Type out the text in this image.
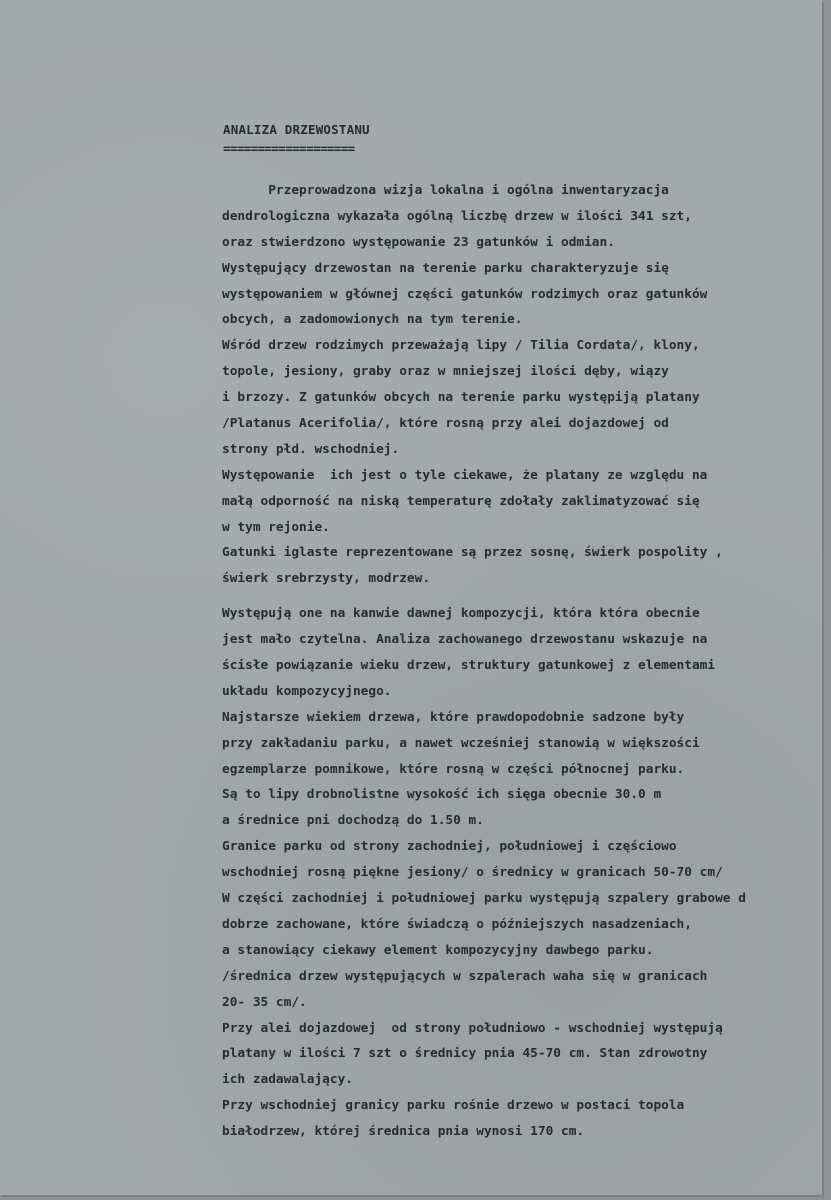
ANALIZA DRZEWOSTANU
===================
Przeprowadzona wizja lokalna i ogólna inwentaryzacja
dendrologiczna wykazała ogólną liczbę drzew w ilości 341 szt,
oraz stwierdzono występowanie 23 gatunków i odmian.
Występujący drzewostan na terenie parku charakteryzuje się
występowaniem w głównej części gatunków rodzimych oraz gatunków
obcych, a zadomowionych na tym terenie.
Wśród drzew rodzimych przeważają lipy / Tilia Cordata/, klony,
topole, jesiony, graby oraz w mniejszej ilości dęby, wiązy
i brzozy. Z gatunków obcych na terenie parku występiją platany
/Platanus Acerifolia/, które rosną przy alei dojazdowej od
strony płd. wschodniej.
Występowanie  ich jest o tyle ciekawe, że platany ze względu na
małą odporność na niską temperaturę zdołały zaklimatyzować się
w tym rejonie.
Gatunki iglaste reprezentowane są przez sosnę, świerk pospolity ,
świerk srebrzysty, modrzew.
Występują one na kanwie dawnej kompozycji, która która obecnie
jest mało czytelna. Analiza zachowanego drzewostanu wskazuje na
ścisłe powiązanie wieku drzew, struktury gatunkowej z elementami
układu kompozycyjnego.
Najstarsze wiekiem drzewa, które prawdopodobnie sadzone były
przy zakładaniu parku, a nawet wcześniej stanowią w większości
egzemplarze pomnikowe, które rosną w części północnej parku.
Są to lipy drobnolistne wysokość ich sięga obecnie 30.0 m
a średnice pni dochodzą do 1.50 m.
Granice parku od strony zachodniej, południowej i częściowo
wschodniej rosną piękne jesiony/ o średnicy w granicach 50-70 cm/
W części zachodniej i południowej parku występują szpalery grabowe d
dobrze zachowane, które świadczą o późniejszych nasadzeniach,
a stanowiący ciekawy element kompozycyjny dawbego parku.
/średnica drzew występujących w szpalerach waha się w granicach
20- 35 cm/.
Przy alei dojazdowej  od strony południowo - wschodniej występują
platany w ilości 7 szt o średnicy pnia 45-70 cm. Stan zdrowotny
ich zadawalający.
Przy wschodniej granicy parku rośnie drzewo w postaci topola
białodrzew, której średnica pnia wynosi 170 cm.
